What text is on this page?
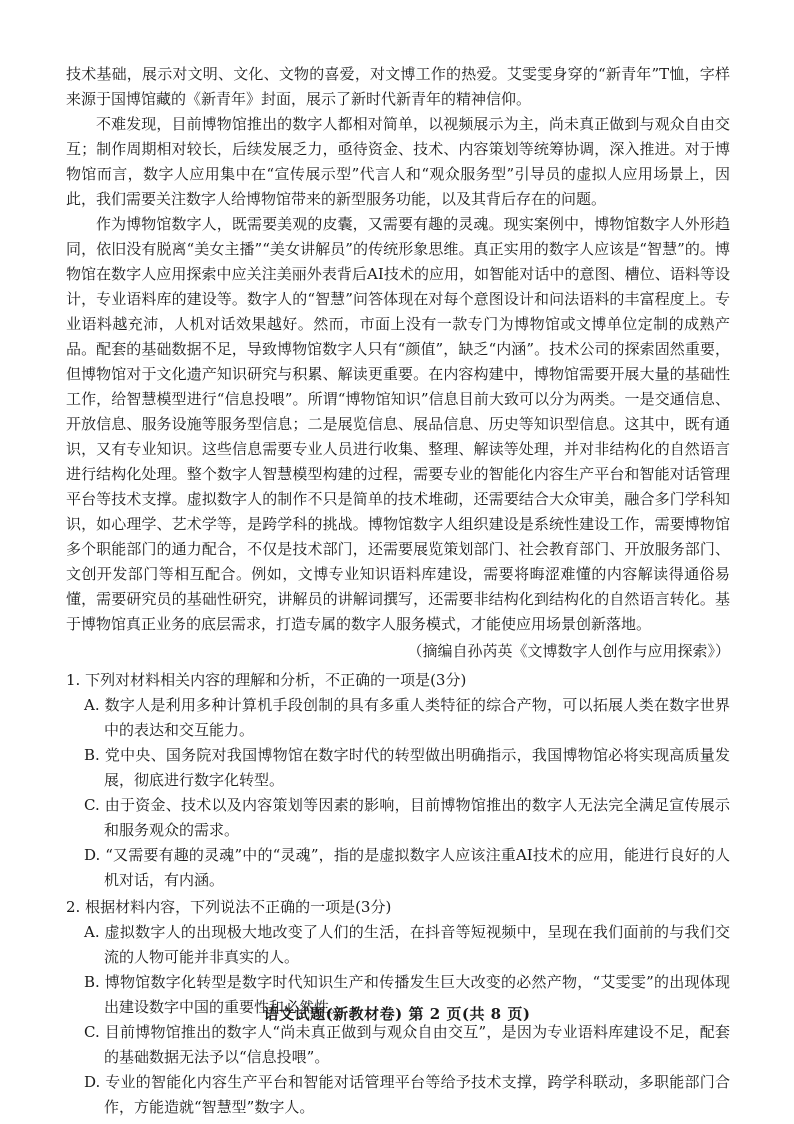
技术基础，展示对文明、文化、文物的喜爱，对文博工作的热爱。艾雯雯身穿的“新青年”T恤，字样来源于国博馆藏的《新青年》封面，展示了新时代新青年的精神信仰。

不难发现，目前博物馆推出的数字人都相对简单，以视频展示为主，尚未真正做到与观众自由交互；制作周期相对较长，后续发展乏力，亟待资金、技术、内容策划等统筹协调，深入推进。对于博物馆而言，数字人应用集中在“宣传展示型”代言人和“观众服务型”引导员的虚拟人应用场景上，因此，我们需要关注数字人给博物馆带来的新型服务功能，以及其背后存在的问题。

作为博物馆数字人，既需要美观的皮囊，又需要有趣的灵魂。现实案例中，博物馆数字人外形趋同，依旧没有脱离“美女主播”“美女讲解员”的传统形象思维。真正实用的数字人应该是“智慧”的。博物馆在数字人应用探索中应关注美丽外表背后AI技术的应用，如智能对话中的意图、槽位、语料等设计，专业语料库的建设等。数字人的“智慧”问答体现在对每个意图设计和问法语料的丰富程度上。专业语料越充沛，人机对话效果越好。然而，市面上没有一款专门为博物馆或文博单位定制的成熟产品。配套的基础数据不足，导致博物馆数字人只有“颜值”，缺乏“内涵”。技术公司的探索固然重要，但博物馆对于文化遗产知识研究与积累、解读更重要。在内容构建中，博物馆需要开展大量的基础性工作，给智慧模型进行“信息投喂”。所谓“博物馆知识”信息目前大致可以分为两类。一是交通信息、开放信息、服务设施等服务型信息；二是展览信息、展品信息、历史等知识型信息。这其中，既有通识，又有专业知识。这些信息需要专业人员进行收集、整理、解读等处理，并对非结构化的自然语言进行结构化处理。整个数字人智慧模型构建的过程，需要专业的智能化内容生产平台和智能对话管理平台等技术支撑。虚拟数字人的制作不只是简单的技术堆砌，还需要结合大众审美，融合多门学科知识，如心理学、艺术学等，是跨学科的挑战。博物馆数字人组织建设是系统性建设工作，需要博物馆多个职能部门的通力配合，不仅是技术部门，还需要展览策划部门、社会教育部门、开放服务部门、文创开发部门等相互配合。例如，文博专业知识语料库建设，需要将晦涩难懂的内容解读得通俗易懂，需要研究员的基础性研究，讲解员的讲解词撰写，还需要非结构化到结构化的自然语言转化。基于博物馆真正业务的底层需求，打造专属的数字人服务模式，才能使应用场景创新落地。

（摘编自孙芮英《文博数字人创作与应用探索》）

1. 下列对材料相关内容的理解和分析，不正确的一项是(3分)

A. 数字人是利用多种计算机手段创制的具有多重人类特征的综合产物，可以拓展人类在数字世界中的表达和交互能力。

B. 党中央、国务院对我国博物馆在数字时代的转型做出明确指示，我国博物馆必将实现高质量发展，彻底进行数字化转型。

C. 由于资金、技术以及内容策划等因素的影响，目前博物馆推出的数字人无法完全满足宣传展示和服务观众的需求。

D. “又需要有趣的灵魂”中的“灵魂”，指的是虚拟数字人应该注重AI技术的应用，能进行良好的人机对话，有内涵。

2. 根据材料内容，下列说法不正确的一项是(3分)

A. 虚拟数字人的出现极大地改变了人们的生活，在抖音等短视频中，呈现在我们面前的与我们交流的人物可能并非真实的人。

B. 博物馆数字化转型是数字时代知识生产和传播发生巨大改变的必然产物，“艾雯雯”的出现体现出建设数字中国的重要性和必然性。

C. 目前博物馆推出的数字人“尚未真正做到与观众自由交互”，是因为专业语料库建设不足，配套的基础数据无法予以“信息投喂”。

D. 专业的智能化内容生产平台和智能对话管理平台等给予技术支撑，跨学科联动，多职能部门合作，方能造就“智慧型”数字人。

语文试题(新教材卷) 第 2 页(共 8 页)
